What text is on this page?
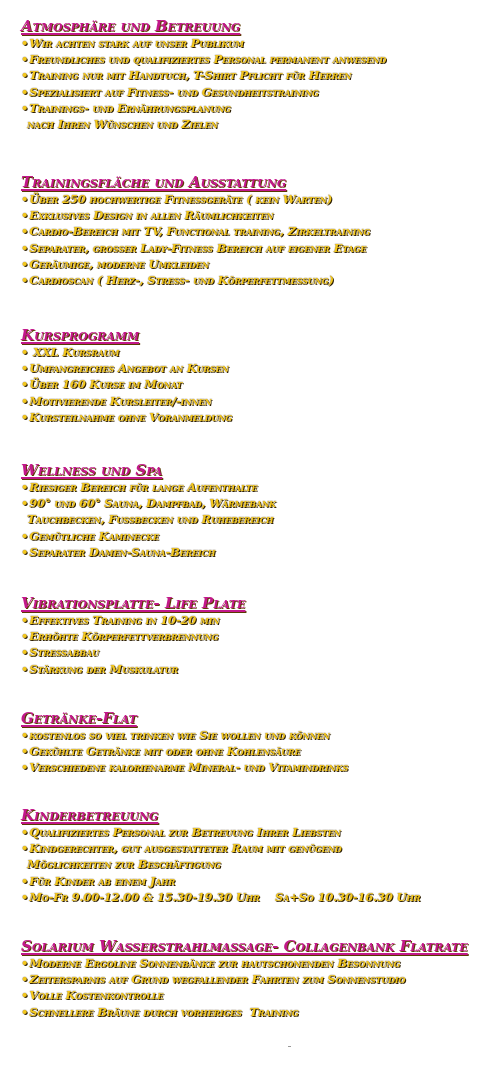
Atmosphäre und Betreuung
•Wir achten stark auf unser Publikum
•Freundliches und qualifiziertes Personal permanent anwesend
•Training nur mit Handtuch, T-Shirt Pflicht für Herren
•Spezialisiert auf Fitness- und Gesundheitstraining
•Trainings- und Ernährungsplanung
nach Ihren Wünschen und Zielen
Trainingsfläche und Ausstattung
•Über 250 hochwertige Fitnessgeräte ( kein Warten)
•Exklusives Design in allen Räumlichkeiten
•Cardio-Bereich mit TV, Functional training, Zirkeltraining
•Separater, großer Lady-Fitness Bereich auf eigener Etage
•Geräumige, moderne Umkleiden
•Cardioscan ( Herz-, Stress- und Körperfettmessung)
Kursprogramm
• XXL Kursraum
•Umfangreiches Angebot an Kursen
•Über 160 Kurse im Monat
•Motivierende Kursleiter/-innen
•Kursteilnahme ohne Voranmeldung
Wellness und Spa
•Riesiger Bereich für lange Aufenthalte
•90° und 60° Sauna, Dampfbad, Wärmebank
Tauchbecken, Fußbecken und Ruhebereich
•Gemütliche Kaminecke
•Separater Damen-Sauna-Bereich
Vibrationsplatte- Life Plate
•Effektives Training in 10-20 min
•Erhöhte Körperfettverbrennung
•Stressabbau
•Stärkung der Muskulatur
Getränke-Flat
•kostenlos so viel trinken wie Sie wollen und können
•Gekühlte Getränke mit oder ohne Kohlensäure
•Verschiedene kalorienarme Mineral- und Vitamindrinks
Kinderbetreuung
•Qualifiziertes Personal zur Betreuung Ihrer Liebsten
•Kindgerechter, gut ausgestatteter Raum mit genügend
Möglichkeiten zur Beschäftigung
•Für Kinder ab einem Jahr
•Mo-Fr 9.00-12.00 & 15.30-19.30 Uhr    Sa+So 10.30-16.30 Uhr
Solarium Wasserstrahlmassage- Collagenbank Flatrate
•Moderne Ergoline Sonnenbänke zur hautschonenden Besonnung
•Zeitersparnis auf Grund wegfallender Fahrten zum Sonnenstudio
•Volle Kostenkontrolle
•Schnellere Bräune durch vorheriges  Training
